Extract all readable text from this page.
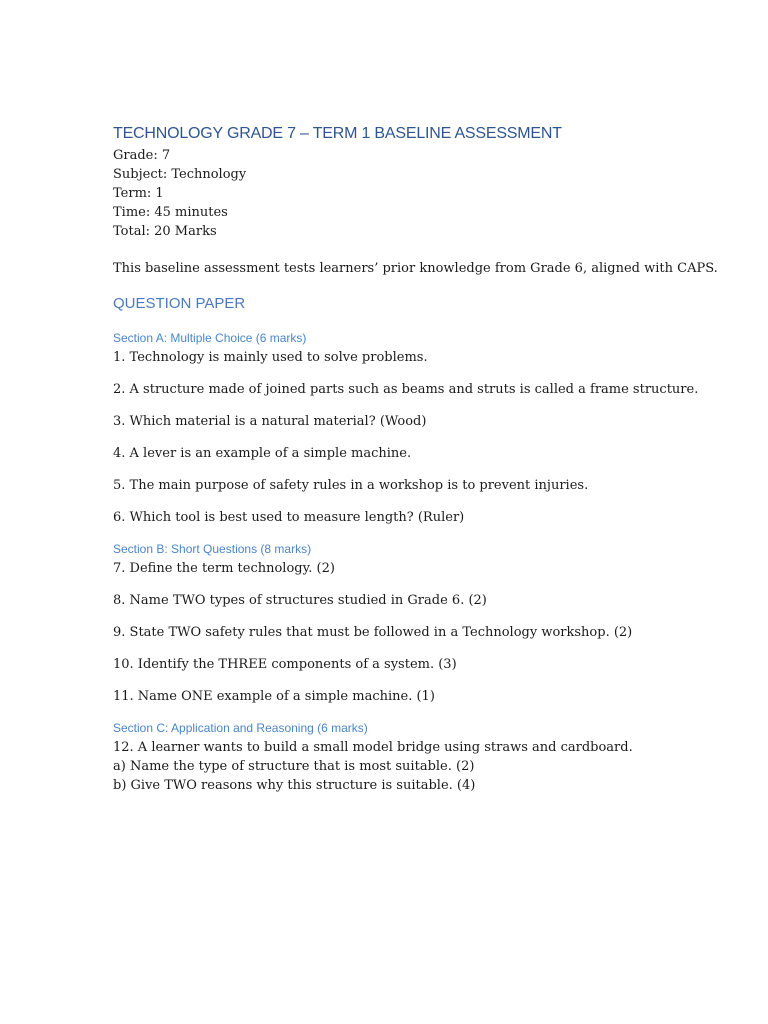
TECHNOLOGY GRADE 7 – TERM 1 BASELINE ASSESSMENT

Grade: 7

Subject: Technology

Term: 1

Time: 45 minutes

Total: 20 Marks

This baseline assessment tests learners’ prior knowledge from Grade 6, aligned with CAPS.

QUESTION PAPER

Section A: Multiple Choice (6 marks)

1. Technology is mainly used to solve problems.

2. A structure made of joined parts such as beams and struts is called a frame structure.

3. Which material is a natural material? (Wood)

4. A lever is an example of a simple machine.

5. The main purpose of safety rules in a workshop is to prevent injuries.

6. Which tool is best used to measure length? (Ruler)

Section B: Short Questions (8 marks)

7. Define the term technology. (2)

8. Name TWO types of structures studied in Grade 6. (2)

9. State TWO safety rules that must be followed in a Technology workshop. (2)

10. Identify the THREE components of a system. (3)

11. Name ONE example of a simple machine. (1)

Section C: Application and Reasoning (6 marks)

12. A learner wants to build a small model bridge using straws and cardboard.

a) Name the type of structure that is most suitable. (2)

b) Give TWO reasons why this structure is suitable. (4)
